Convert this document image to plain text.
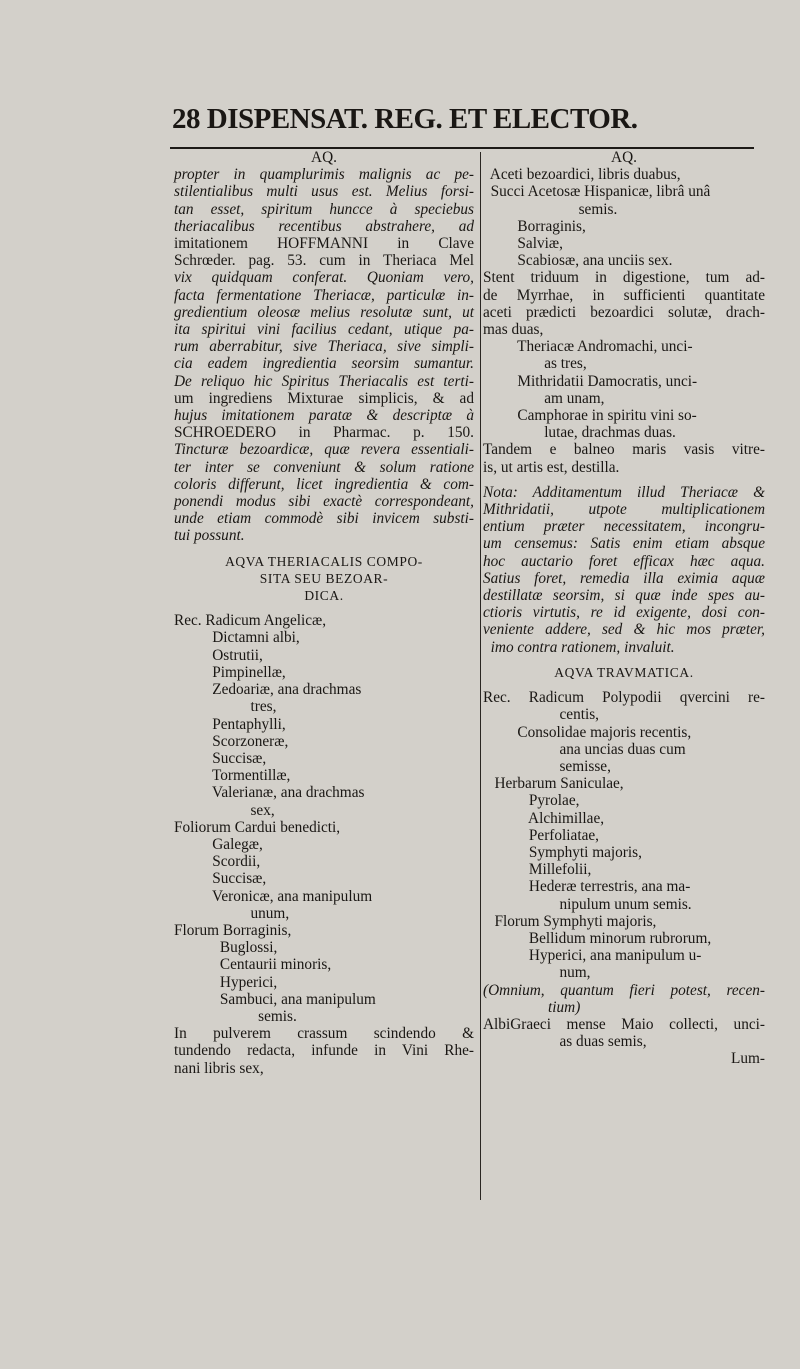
28 DISPENSAT. REG. ET ELECTOR.
AQ.
propter in quamplurimis malignis ac pe-
stilentialibus multi usus est. Melius forsi-
tan esset, spiritum huncce à speciebus
theriacalibus recentibus abstrahere, ad
imitationem HOFFMANNI in Clave
Schrœder. pag. 53. cum in Theriaca Mel
vix quidquam conferat. Quoniam vero,
facta fermentatione Theriacæ, particulæ in-
gredientium oleosæ melius resolutæ sunt, ut
ita spiritui vini facilius cedant, utique pa-
rum aberrabitur, sive Theriaca, sive simpli-
cia eadem ingredientia seorsim sumantur.
De reliquo hic Spiritus Theriacalis est terti-
um ingrediens Mixturae simplicis, & ad
hujus imitationem paratæ & descriptæ à
SCHROEDERO in Pharmac. p. 150.
Tincturæ bezoardicæ, quæ revera essentiali-
ter inter se conveniunt & solum ratione
coloris differunt, licet ingredientia & com-
ponendi modus sibi exactè correspondeant,
unde etiam commodè sibi invicem substi-
tui possunt.
AQVA THERIACALIS COMPO-
SITA SEU BEZOAR-
DICA.
Rec. Radicum Angelicæ,
Dictamni albi,
Ostrutii,
Pimpinellæ,
Zedoariæ, ana drachmas
tres,
Pentaphylli,
Scorzoneræ,
Succisæ,
Tormentillæ,
Valerianæ, ana drachmas
sex,
Foliorum Cardui benedicti,
Galegæ,
Scordii,
Succisæ,
Veronicæ, ana manipulum
unum,
Florum Borraginis,
Buglossi,
Centaurii minoris,
Hyperici,
Sambuci, ana manipulum
semis.
In pulverem crassum scindendo &
tundendo redacta, infunde in Vini Rhe-
nani libris sex,
AQ.
Aceti bezoardici, libris duabus,
Succi Acetosæ Hispanicæ, librâ unâ
semis.
Borraginis,
Salviæ,
Scabiosæ, ana unciis sex.
Stent triduum in digestione, tum ad-
de Myrrhae, in sufficienti quantitate
aceti prædicti bezoardici solutæ, drach-
mas duas,
Theriacæ Andromachi, unci-
as tres,
Mithridatii Damocratis, unci-
am unam,
Camphorae in spiritu vini so-
lutae, drachmas duas.
Tandem e balneo maris vasis vitre-
is, ut artis est, destilla.
Nota: Additamentum illud Theriacæ &
Mithridatii, utpote multiplicationem
entium præter necessitatem, incongru-
um censemus: Satis enim etiam absque
hoc auctario foret efficax hæc aqua.
Satius foret, remedia illa eximia aquæ
destillatæ seorsim, si quæ inde spes au-
ctioris virtutis, re id exigente, dosi con-
veniente addere, sed & hic mos præter,
imo contra rationem, invaluit.
AQVA TRAVMATICA.
Rec. Radicum Polypodii qvercini re-
centis,
Consolidae majoris recentis,
ana uncias duas cum
semisse,
Herbarum Saniculae,
Pyrolae,
Alchimillae,
Perfoliatae,
Symphyti majoris,
Millefolii,
Hederæ terrestris, ana ma-
nipulum unum semis.
Florum Symphyti majoris,
Bellidum minorum rubrorum,
Hyperici, ana manipulum u-
num,
(Omnium, quantum fieri potest, recen-
tium)
AlbiGraeci mense Maio collecti, unci-
as duas semis,
Lum-
